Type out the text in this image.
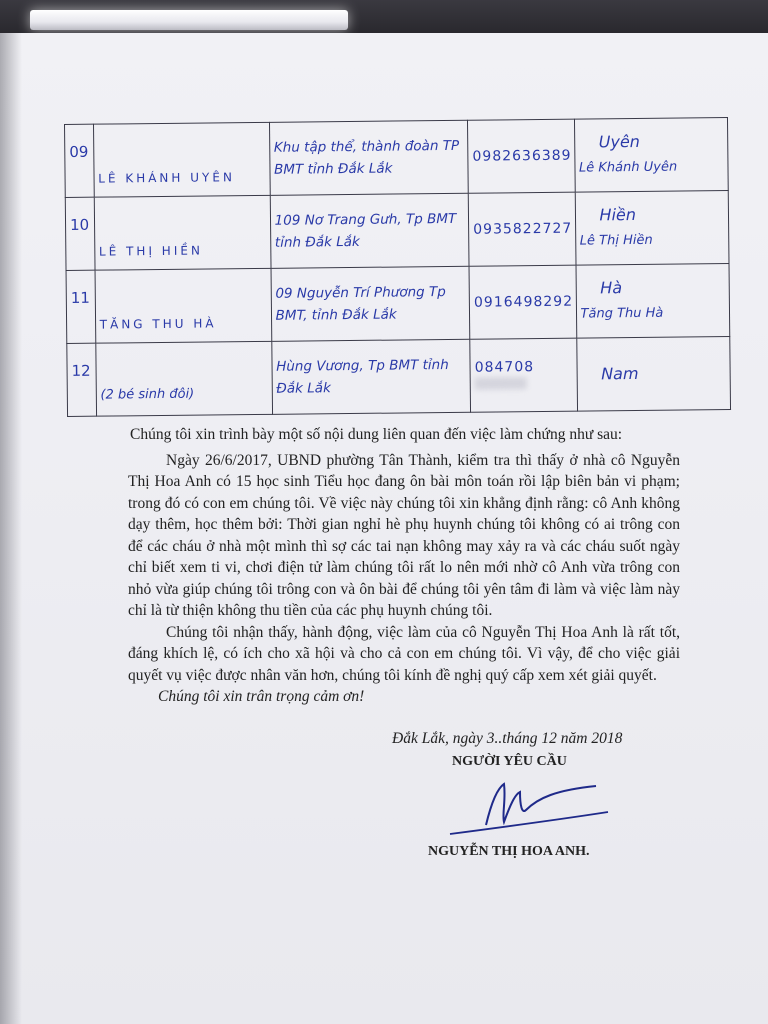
09	LÊ KHÁNH UYÊN	Khu tập thể, thành đoàn TP BMT tỉnh Đắk Lắk	0982636389	Uyên
Lê Khánh Uyên

10	LÊ THỊ HIỀN	109 Nơ Trang Gưh, Tp BMT tỉnh Đắk Lắk	0935822727	Hiền
Lê Thị Hiền

11	TĂNG THU HÀ	09 Nguyễn Trí Phương Tp BMT, tỉnh Đắk Lắk	0916498292	Hà
Tăng Thu Hà

12	(2 bé sinh đôi)	Hùng Vương, Tp BMT tỉnh Đắk Lắk	084708	Nam

Chúng tôi xin trình bày một số nội dung liên quan đến việc làm chứng như sau:

Ngày 26/6/2017, UBND phường Tân Thành, kiểm tra thì thấy ở nhà cô Nguyễn Thị Hoa Anh có 15 học sinh Tiểu học đang ôn bài môn toán rồi lập biên bản vi phạm; trong đó có con em chúng tôi. Về việc này chúng tôi xin khẳng định rằng: cô Anh không dạy thêm, học thêm bởi: Thời gian nghỉ hè phụ huynh chúng tôi không có ai trông con để các cháu ở nhà một mình thì sợ các tai nạn không may xảy ra và các cháu suốt ngày chỉ biết xem ti vi, chơi điện tử làm chúng tôi rất lo nên mới nhờ cô Anh vừa trông con nhỏ vừa giúp chúng tôi trông con và ôn bài để chúng tôi yên tâm đi làm và việc làm này chỉ là từ thiện không thu tiền của các phụ huynh chúng tôi.

Chúng tôi nhận thấy, hành động, việc làm của cô Nguyễn Thị Hoa Anh là rất tốt, đáng khích lệ, có ích cho xã hội và cho cả con em chúng tôi. Vì vậy, để cho việc giải quyết vụ việc được nhân văn hơn, chúng tôi kính đề nghị quý cấp xem xét giải quyết.

Chúng tôi xin trân trọng cảm ơn!

Đắk Lắk, ngày 3..tháng 12 năm 2018
NGƯỜI YÊU CẦU
NGUYỄN THỊ HOA ANH.
